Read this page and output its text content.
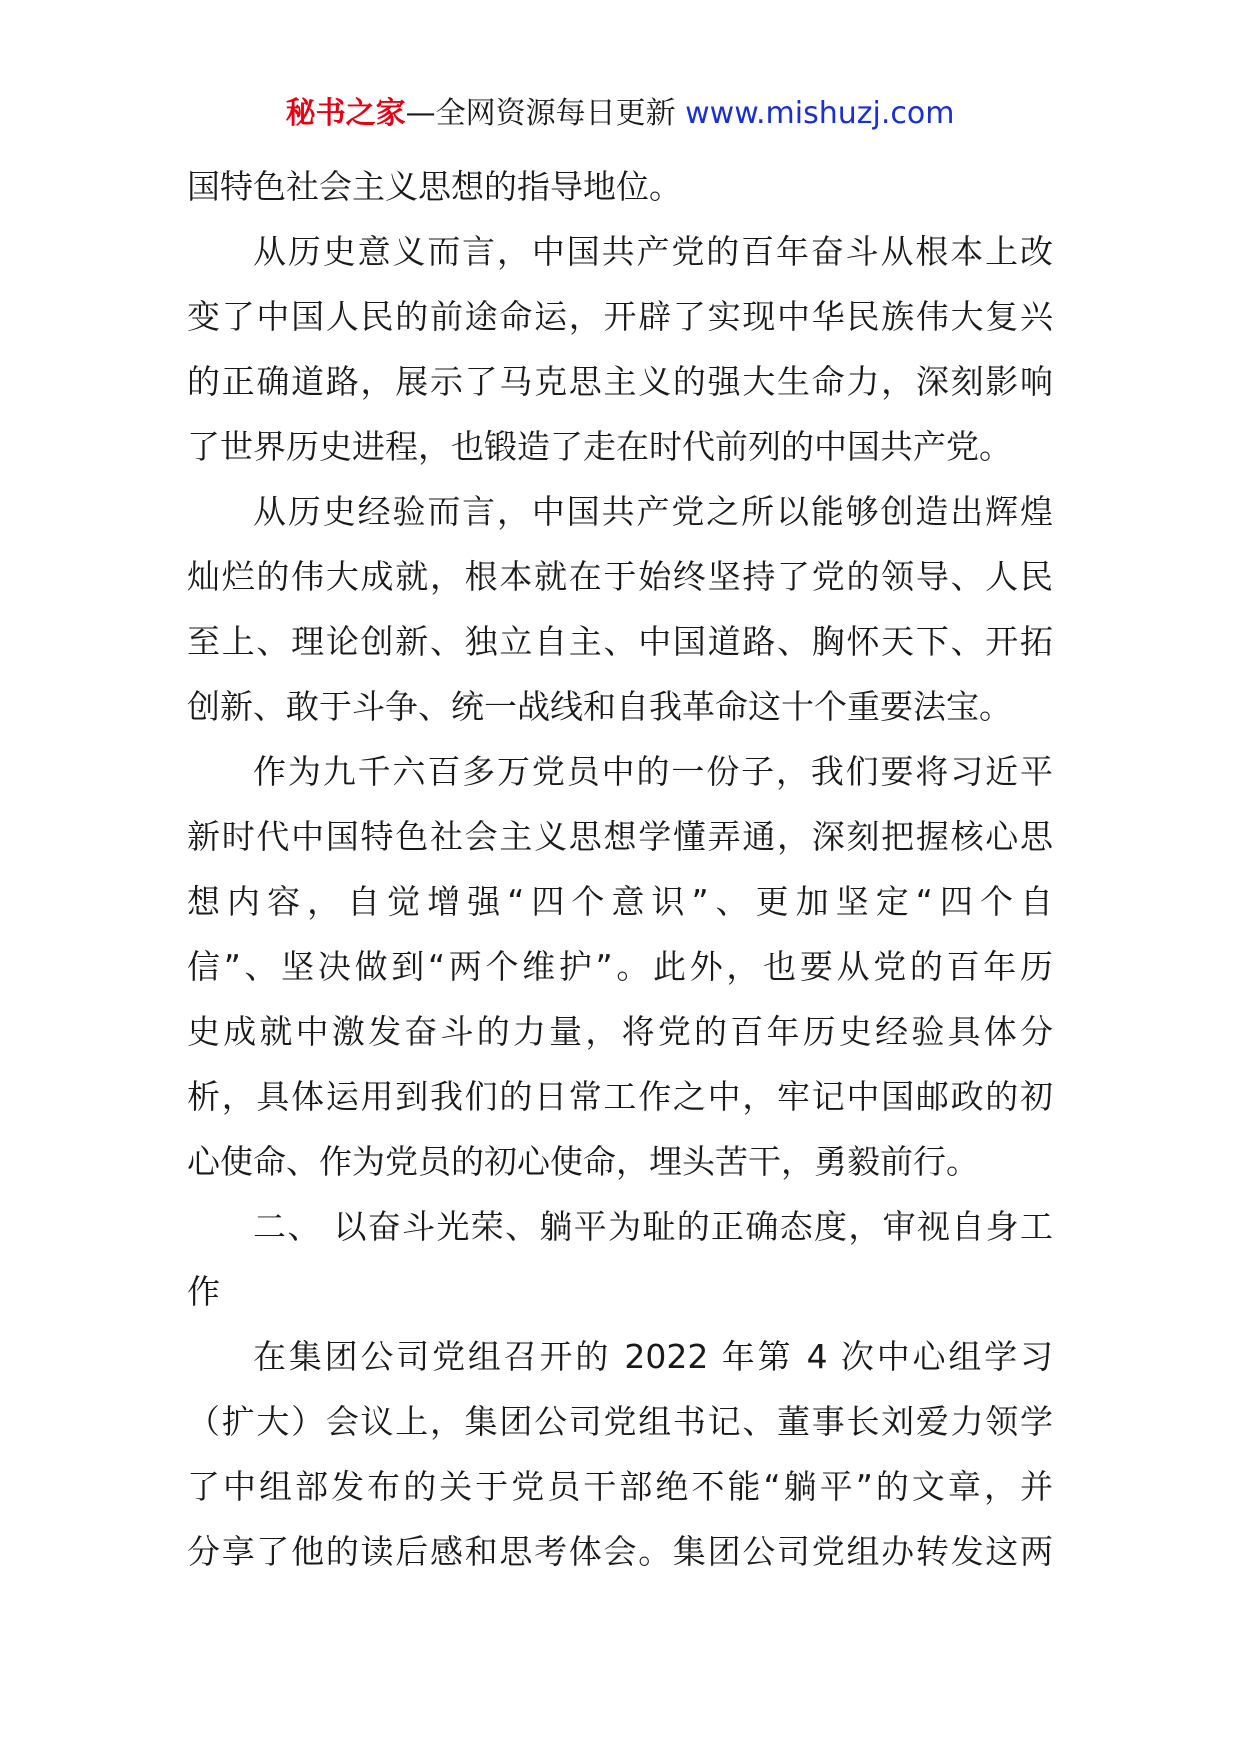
秘书之家—全网资源每日更新 www.mishuzj.com
国特色社会主义思想的指导地位。
从历史意义而言，中国共产党的百年奋斗从根本上改
变了中国人民的前途命运，开辟了实现中华民族伟大复兴
的正确道路，展示了马克思主义的强大生命力，深刻影响
了世界历史进程，也锻造了走在时代前列的中国共产党。
从历史经验而言，中国共产党之所以能够创造出辉煌
灿烂的伟大成就，根本就在于始终坚持了党的领导、人民
至上、理论创新、独立自主、中国道路、胸怀天下、开拓
创新、敢于斗争、统一战线和自我革命这十个重要法宝。
作为九千六百多万党员中的一份子，我们要将习近平
新时代中国特色社会主义思想学懂弄通，深刻把握核心思
想内容，自觉增强“四个意识”、更加坚定“四个自
信”、坚决做到“两个维护”。此外，也要从党的百年历
史成就中激发奋斗的力量，将党的百年历史经验具体分
析，具体运用到我们的日常工作之中，牢记中国邮政的初
心使命、作为党员的初心使命，埋头苦干，勇毅前行。
二、 以奋斗光荣、躺平为耻的正确态度，审视自身工
作
在集团公司党组召开的 2022 年第 4 次中心组学习
（扩大）会议上，集团公司党组书记、董事长刘爱力领学
了中组部发布的关于党员干部绝不能“躺平”的文章，并
分享了他的读后感和思考体会。集团公司党组办转发这两
